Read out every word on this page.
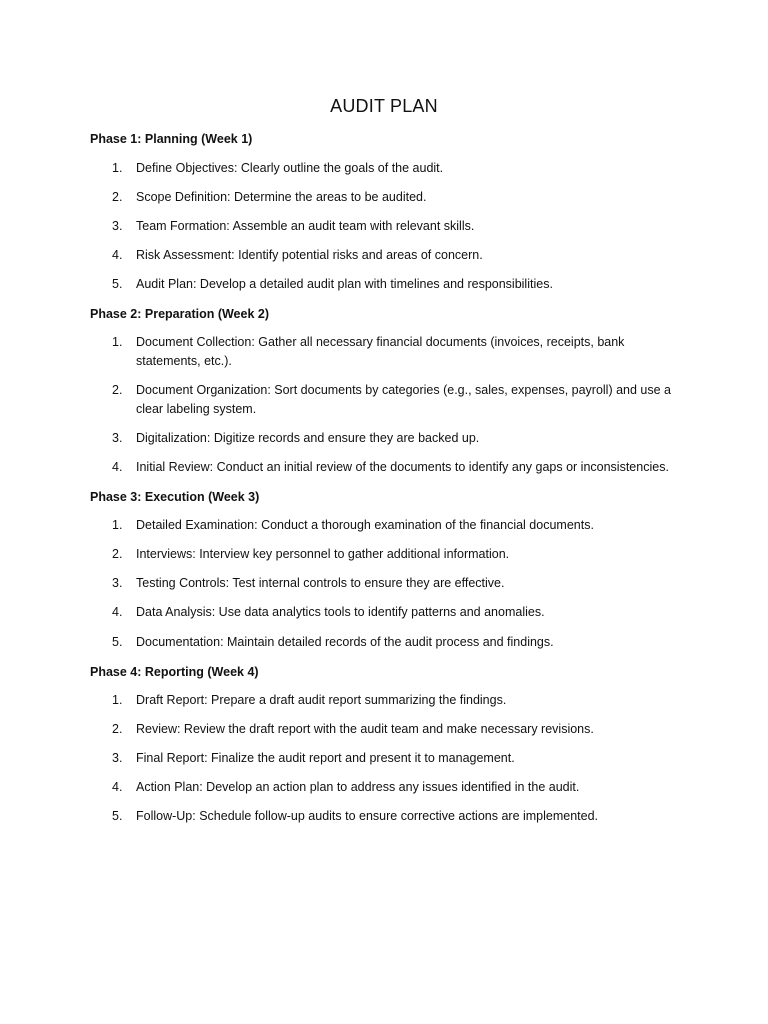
AUDIT PLAN
Phase 1: Planning (Week 1)
1.	Define Objectives: Clearly outline the goals of the audit.
2.	Scope Definition: Determine the areas to be audited.
3.	Team Formation: Assemble an audit team with relevant skills.
4.	Risk Assessment: Identify potential risks and areas of concern.
5.	Audit Plan: Develop a detailed audit plan with timelines and responsibilities.
Phase 2: Preparation (Week 2)
1.	Document Collection: Gather all necessary financial documents (invoices, receipts, bank statements, etc.).
2.	Document Organization: Sort documents by categories (e.g., sales, expenses, payroll) and use a clear labeling system.
3.	Digitalization: Digitize records and ensure they are backed up.
4.	Initial Review: Conduct an initial review of the documents to identify any gaps or inconsistencies.
Phase 3: Execution (Week 3)
1.	Detailed Examination: Conduct a thorough examination of the financial documents.
2.	Interviews: Interview key personnel to gather additional information.
3.	Testing Controls: Test internal controls to ensure they are effective.
4.	Data Analysis: Use data analytics tools to identify patterns and anomalies.
5.	Documentation: Maintain detailed records of the audit process and findings.
Phase 4: Reporting (Week 4)
1.	Draft Report: Prepare a draft audit report summarizing the findings.
2.	Review: Review the draft report with the audit team and make necessary revisions.
3.	Final Report: Finalize the audit report and present it to management.
4.	Action Plan: Develop an action plan to address any issues identified in the audit.
5.	Follow-Up: Schedule follow-up audits to ensure corrective actions are implemented.
